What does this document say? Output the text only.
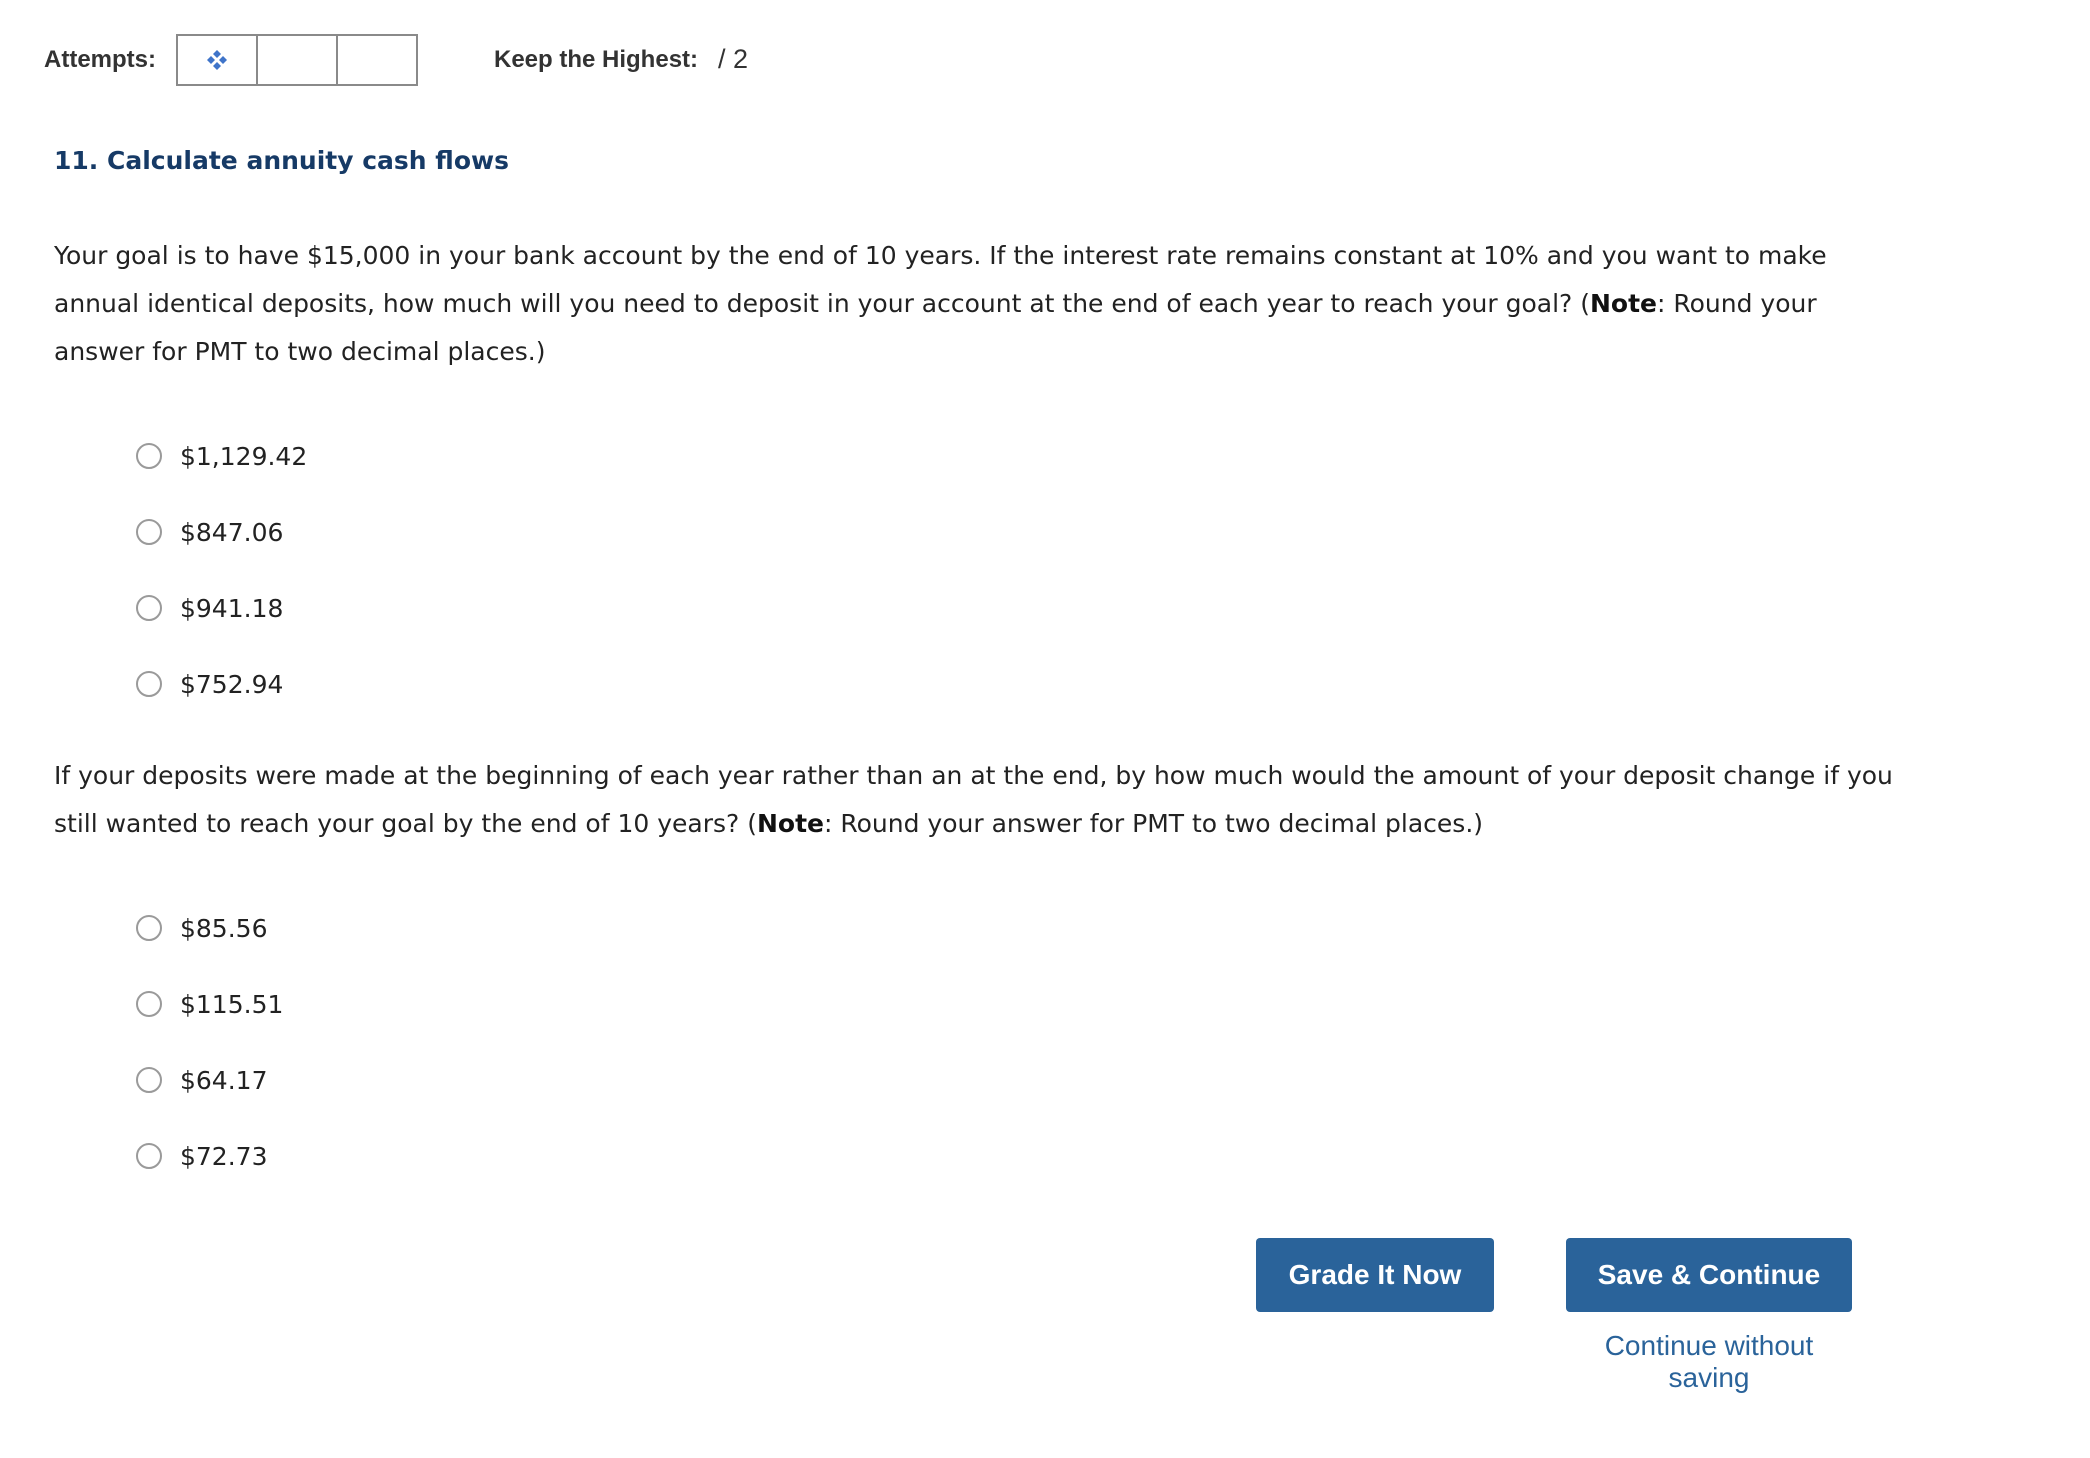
Attempts:	Keep the Highest: / 2
11. Calculate annuity cash flows

Your goal is to have $15,000 in your bank account by the end of 10 years. If the interest rate remains constant at 10% and you want to make annual identical deposits, how much will you need to deposit in your account at the end of each year to reach your goal? (Note: Round your answer for PMT to two decimal places.)

$1,129.42
$847.06
$941.18
$752.94

If your deposits were made at the beginning of each year rather than an at the end, by how much would the amount of your deposit change if you still wanted to reach your goal by the end of 10 years? (Note: Round your answer for PMT to two decimal places.)

$85.56
$115.51
$64.17
$72.73
Grade It Now	Save & Continue
Continue without saving
